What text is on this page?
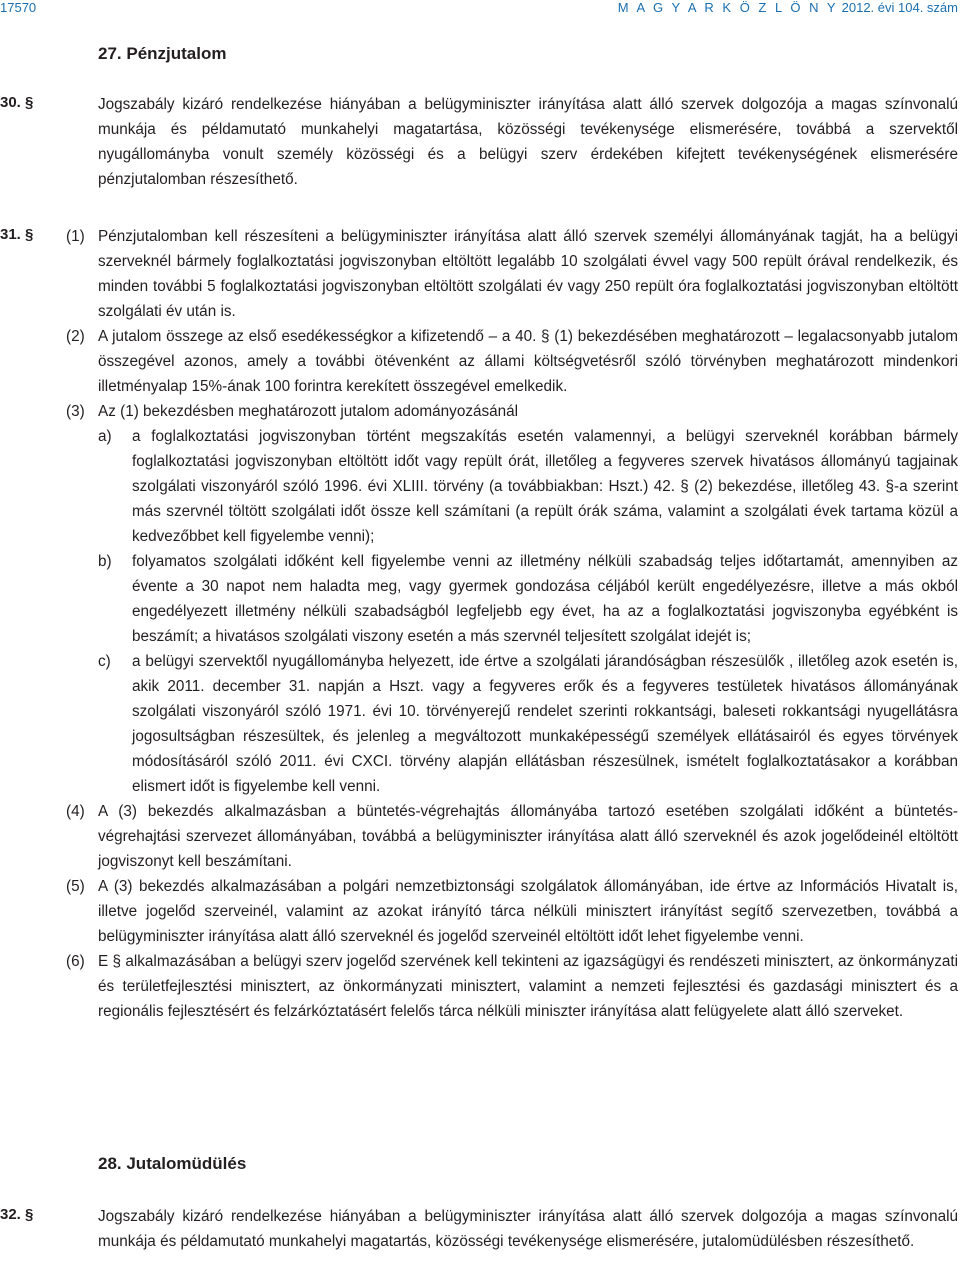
17570	M A G Y A R K Ö Z L Ö N Y 2012. évi 104. szám
27. Pénzjutalom
30. §	Jogszabály kizáró rendelkezése hiányában a belügyminiszter irányítása alatt álló szervek dolgozója a magas színvonalú munkája és példamutató munkahelyi magatartása, közösségi tevékenysége elismerésére, továbbá a szervektől nyugállományba vonult személy közösségi és a belügyi szerv érdekében kifejtett tevékenységének elismerésére pénzjutalomban részesíthető.
31. § (1) Pénzjutalomban kell részesíteni a belügyminiszter irányítása alatt álló szervek személyi állományának tagját, ha a belügyi szerveknél bármely foglalkoztatási jogviszonyban eltöltött legalább 10 szolgálati évvel vagy 500 repült órával rendelkezik, és minden további 5 foglalkoztatási jogviszonyban eltöltött szolgálati év vagy 250 repült óra foglalkoztatási jogviszonyban eltöltött szolgálati év után is.
(2) A jutalom összege az első esedékességkor a kifizetendő – a 40. § (1) bekezdésében meghatározott – legalacsonyabb jutalom összegével azonos, amely a további ötévenként az állami költségvetésről szóló törvényben meghatározott mindenkori illetményalap 15%-ának 100 forintra kerekített összegével emelkedik.
(3) Az (1) bekezdésben meghatározott jutalom adományozásánál
a) a foglalkoztatási jogviszonyban történt megszakítás esetén valamennyi, a belügyi szerveknél korábban bármely foglalkoztatási jogviszonyban eltöltött időt vagy repült órát, illetőleg a fegyveres szervek hivatásos állományú tagjainak szolgálati viszonyáról szóló 1996. évi XLIII. törvény (a továbbiakban: Hszt.) 42. § (2) bekezdése, illetőleg 43. §-a szerint más szervnél töltött szolgálati időt össze kell számítani (a repült órák száma, valamint a szolgálati évek tartama közül a kedvezőbbet kell figyelembe venni);
b) folyamatos szolgálati időként kell figyelembe venni az illetmény nélküli szabadság teljes időtartamát, amennyiben az évente a 30 napot nem haladta meg, vagy gyermek gondozása céljából került engedélyezésre, illetve a más okból engedélyezett illetmény nélküli szabadságból legfeljebb egy évet, ha az a foglalkoztatási jogviszonyba egyébként is beszámít; a hivatásos szolgálati viszony esetén a más szervnél teljesített szolgálat idejét is;
c) a belügyi szervektől nyugállományba helyezett, ide értve a szolgálati járandóságban részesülők , illetőleg azok esetén is, akik 2011. december 31. napján a Hszt. vagy a fegyveres erők és a fegyveres testületek hivatásos állományának szolgálati viszonyáról szóló 1971. évi 10. törvényerejű rendelet szerinti rokkantsági, baleseti rokkantsági nyugellátásra jogosultságban részesültek, és jelenleg a megváltozott munkaképességű személyek ellátásairól és egyes törvények módosításáról szóló 2011. évi CXCI. törvény alapján ellátásban részesülnek, ismételt foglalkoztatásakor a korábban elismert időt is figyelembe kell venni.
(4) A (3) bekezdés alkalmazásban a büntetés-végrehajtás állományába tartozó esetében szolgálati időként a büntetés-végrehajtási szervezet állományában, továbbá a belügyminiszter irányítása alatt álló szerveknél és azok jogelődeinél eltöltött jogviszonyt kell beszámítani.
(5) A (3) bekezdés alkalmazásában a polgári nemzetbiztonsági szolgálatok állományában, ide értve az Információs Hivatalt is, illetve jogelőd szerveinél, valamint az azokat irányító tárca nélküli minisztert irányítást segítő szervezetben, továbbá a belügyminiszter irányítása alatt álló szerveknél és jogelőd szerveinél eltöltött időt lehet figyelembe venni.
(6) E § alkalmazásában a belügyi szerv jogelőd szervének kell tekinteni az igazságügyi és rendészeti minisztert, az önkormányzati és területfejlesztési minisztert, az önkormányzati minisztert, valamint a nemzeti fejlesztési és gazdasági minisztert és a regionális fejlesztésért és felzárkóztatásért felelős tárca nélküli miniszter irányítása alatt felügyelete alatt álló szerveket.
28. Jutalomüdülés
32. §	Jogszabály kizáró rendelkezése hiányában a belügyminiszter irányítása alatt álló szervek dolgozója a magas színvonalú munkája és példamutató munkahelyi magatartás, közösségi tevékenysége elismerésére, jutalomüdülésben részesíthető.
